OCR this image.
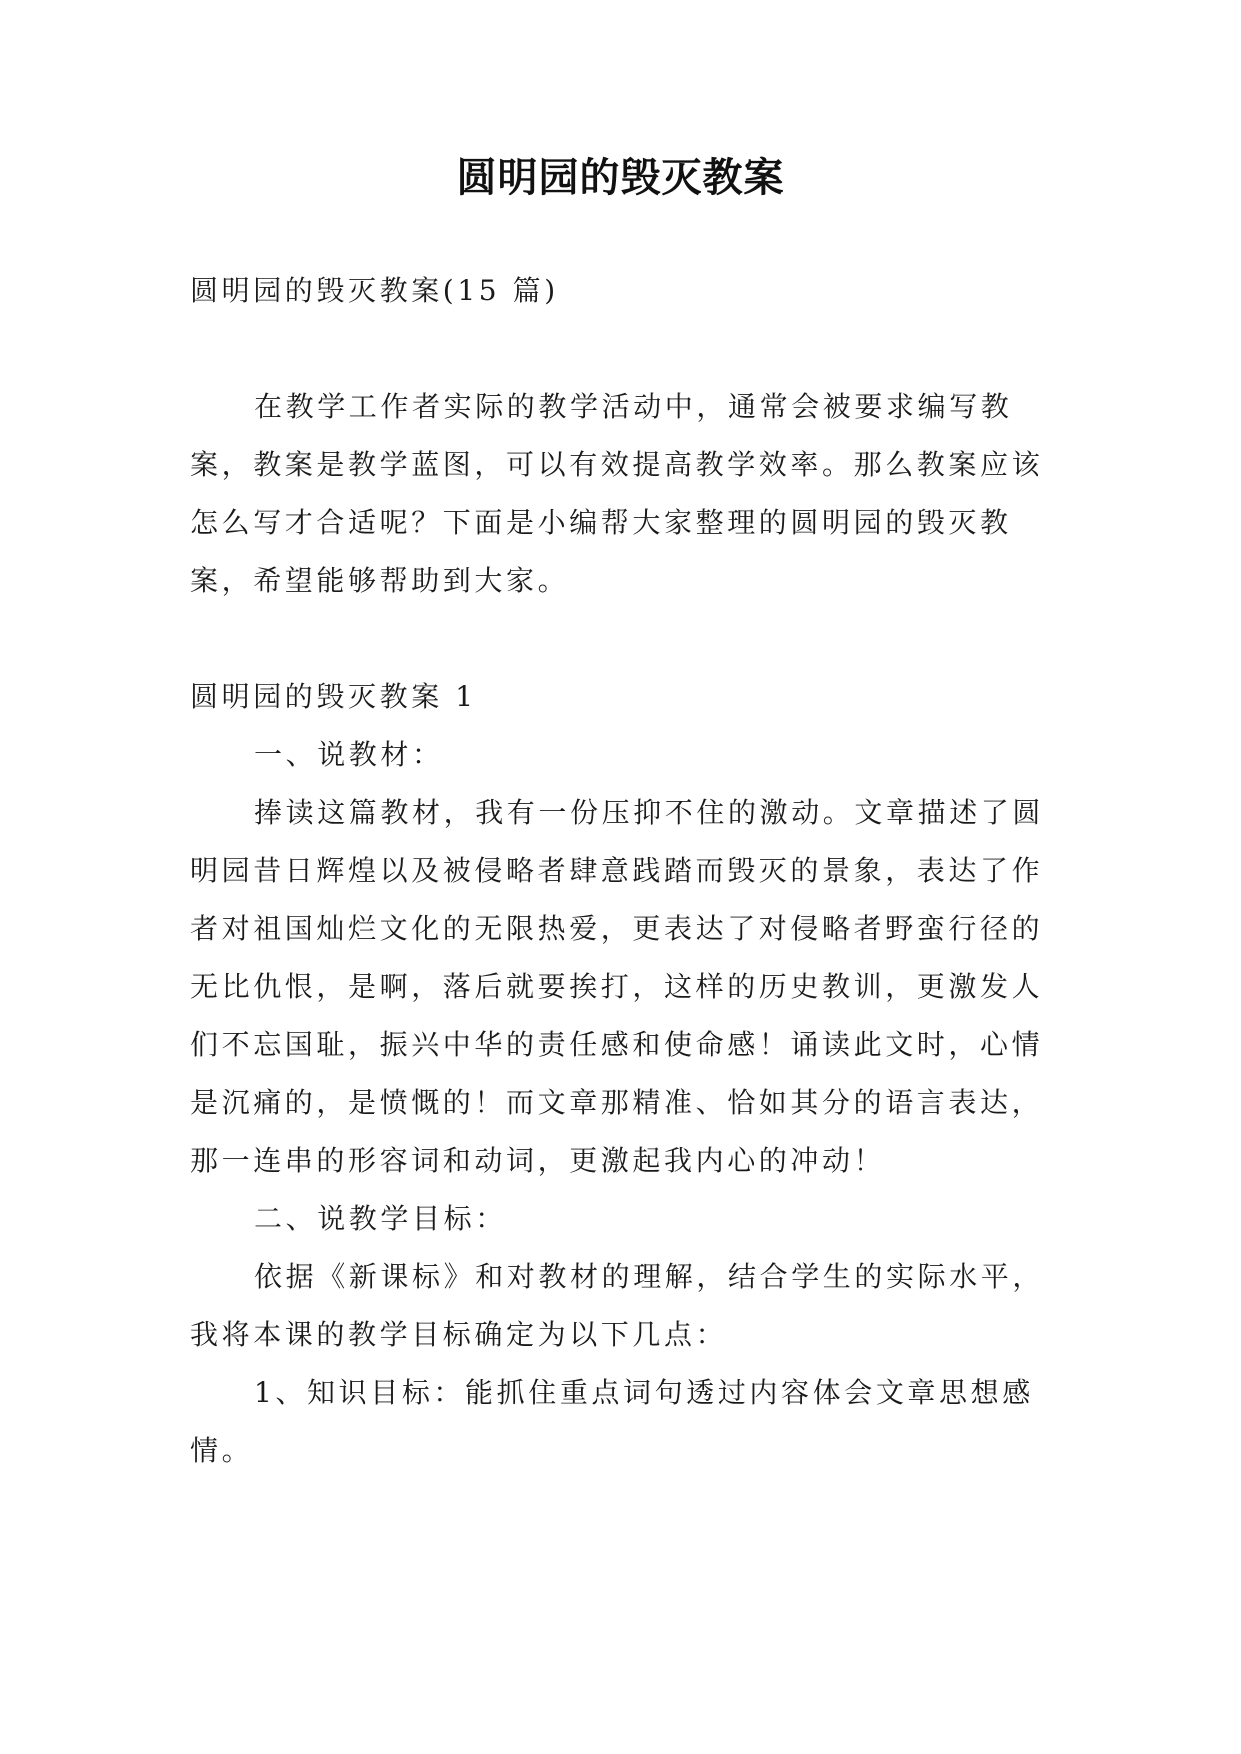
圆明园的毁灭教案

圆明园的毁灭教案(15 篇)

在教学工作者实际的教学活动中，通常会被要求编写教案，教案是教学蓝图，可以有效提高教学效率。那么教案应该怎么写才合适呢？下面是小编帮大家整理的圆明园的毁灭教案，希望能够帮助到大家。

圆明园的毁灭教案 1

一、说教材：

捧读这篇教材，我有一份压抑不住的激动。文章描述了圆明园昔日辉煌以及被侵略者肆意践踏而毁灭的景象，表达了作者对祖国灿烂文化的无限热爱，更表达了对侵略者野蛮行径的无比仇恨，是啊，落后就要挨打，这样的历史教训，更激发人们不忘国耻，振兴中华的责任感和使命感！诵读此文时，心情是沉痛的，是愤慨的！而文章那精准、恰如其分的语言表达，那一连串的形容词和动词，更激起我内心的冲动！

二、说教学目标：

依据《新课标》和对教材的理解，结合学生的实际水平，我将本课的教学目标确定为以下几点：

1、知识目标：能抓住重点词句透过内容体会文章思想感情。
